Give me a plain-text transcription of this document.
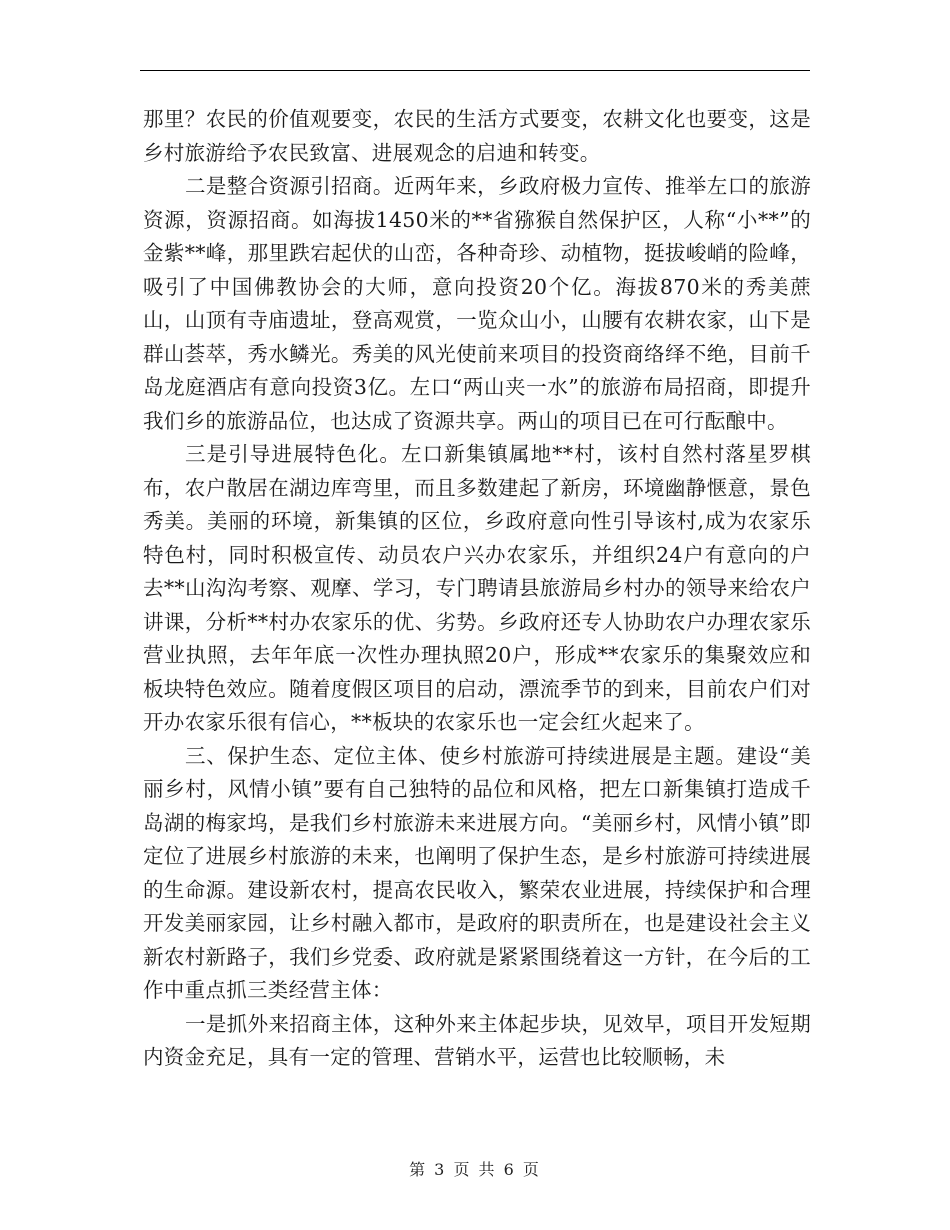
那里？农民的价值观要变，农民的生活方式要变，农耕文化也要变，这是乡村旅游给予农民致富、进展观念的启迪和转变。

二是整合资源引招商。近两年来，乡政府极力宣传、推举左口的旅游资源，资源招商。如海拔1450米的**省猕猴自然保护区，人称“小**”的金紫**峰，那里跌宕起伏的山峦，各种奇珍、动植物，挺拔峻峭的险峰，吸引了中国佛教协会的大师，意向投资20个亿。海拔870米的秀美蔗山，山顶有寺庙遗址，登高观赏，一览众山小，山腰有农耕农家，山下是群山荟萃，秀水鳞光。秀美的风光使前来项目的投资商络绎不绝，目前千岛龙庭酒店有意向投资3亿。左口“两山夹一水”的旅游布局招商，即提升我们乡的旅游品位，也达成了资源共享。两山的项目已在可行酝酿中。

三是引导进展特色化。左口新集镇属地**村，该村自然村落星罗棋布，农户散居在湖边库弯里，而且多数建起了新房，环境幽静惬意，景色秀美。美丽的环境，新集镇的区位，乡政府意向性引导该村,成为农家乐特色村，同时积极宣传、动员农户兴办农家乐，并组织24户有意向的户去**山沟沟考察、观摩、学习，专门聘请县旅游局乡村办的领导来给农户讲课，分析**村办农家乐的优、劣势。乡政府还专人协助农户办理农家乐营业执照，去年年底一次性办理执照20户，形成**农家乐的集聚效应和板块特色效应。随着度假区项目的启动，漂流季节的到来，目前农户们对开办农家乐很有信心，**板块的农家乐也一定会红火起来了。

三、保护生态、定位主体、使乡村旅游可持续进展是主题。建设“美丽乡村，风情小镇”要有自己独特的品位和风格，把左口新集镇打造成千岛湖的梅家坞，是我们乡村旅游未来进展方向。“美丽乡村，风情小镇”即定位了进展乡村旅游的未来，也阐明了保护生态，是乡村旅游可持续进展的生命源。建设新农村，提高农民收入，繁荣农业进展，持续保护和合理开发美丽家园，让乡村融入都市，是政府的职责所在，也是建设社会主义新农村新路子，我们乡党委、政府就是紧紧围绕着这一方针，在今后的工作中重点抓三类经营主体：

一是抓外来招商主体，这种外来主体起步块，见效早，项目开发短期内资金充足，具有一定的管理、营销水平，运营也比较顺畅，未

第 3 页 共 6 页
